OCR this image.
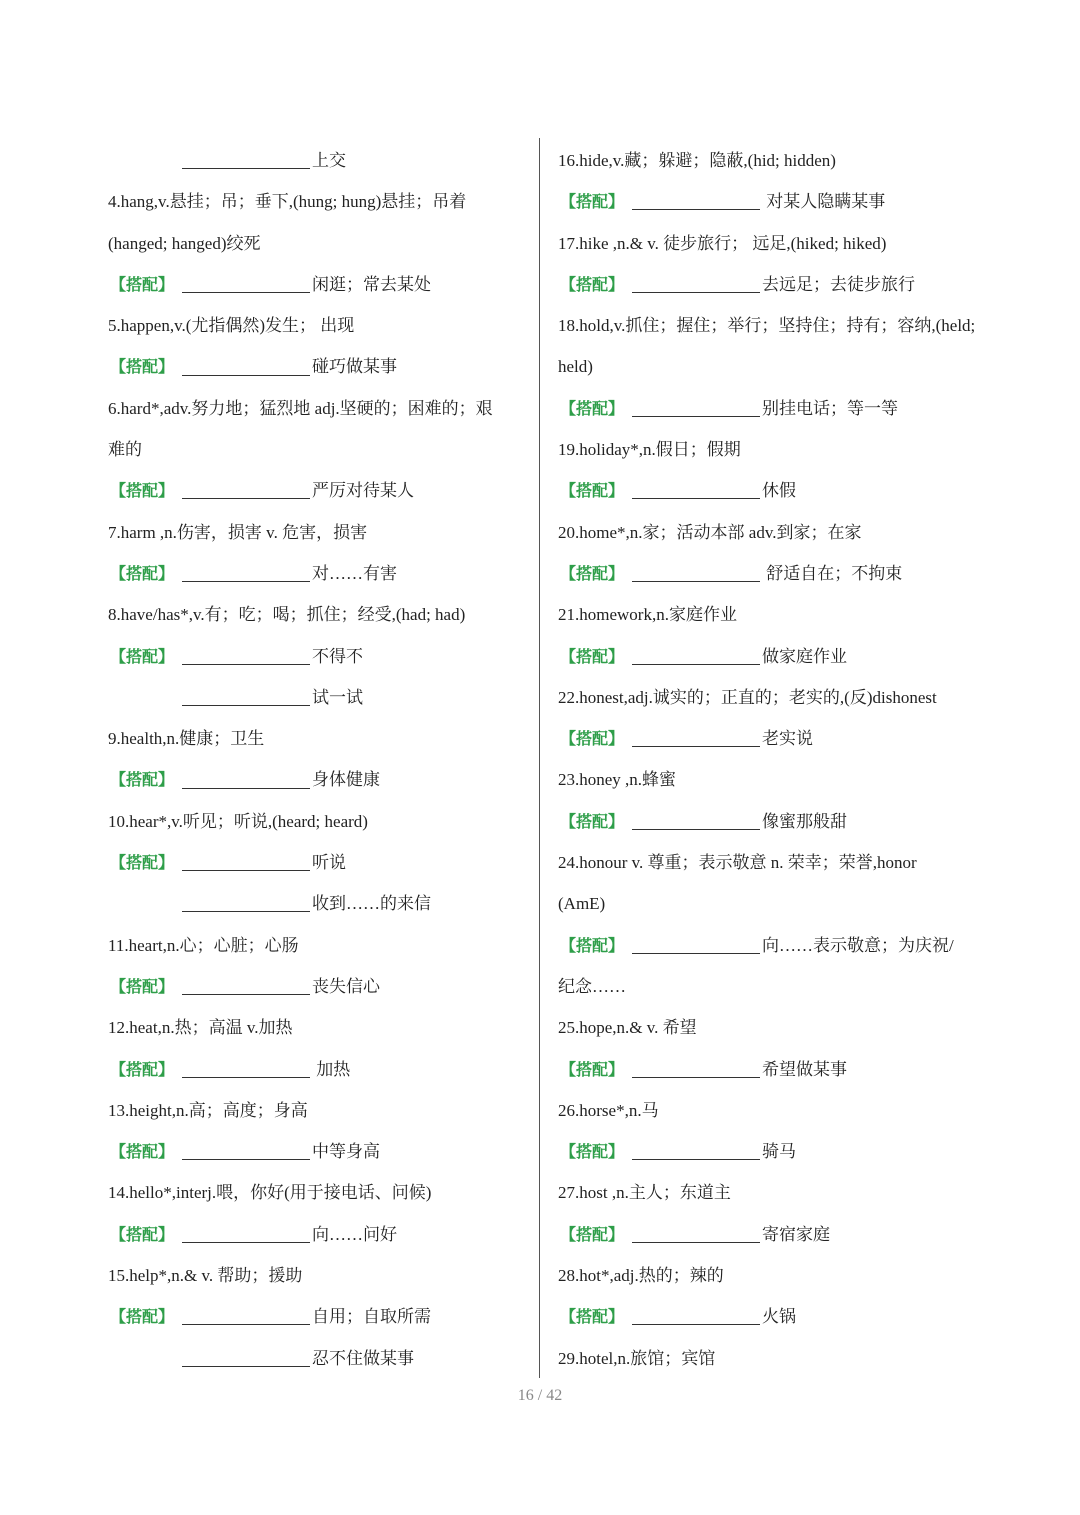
上交
4.hang,v.悬挂；吊；垂下,(hung; hung)悬挂；吊着
(hanged; hanged)绞死
【搭配】	闲逛；常去某处
5.happen,v.(尤指偶然)发生； 出现
【搭配】	碰巧做某事
6.hard*,adv.努力地；猛烈地 adj.坚硬的；困难的；艰
难的
【搭配】	严厉对待某人
7.harm ,n.伤害，损害 v. 危害，损害
【搭配】	对……有害
8.have/has*,v.有；吃；喝；抓住；经受,(had; had)
【搭配】	不得不
试一试
9.health,n.健康；卫生
【搭配】	身体健康
10.hear*,v.听见；听说,(heard; heard)
【搭配】	听说
收到……的来信
11.heart,n.心；心脏；心肠
【搭配】	丧失信心
12.heat,n.热；高温 v.加热
【搭配】	加热
13.height,n.高；高度；身高
【搭配】	中等身高
14.hello*,interj.喂，你好(用于接电话、问候)
【搭配】	向……问好
15.help*,n.& v. 帮助；援助
【搭配】	自用；自取所需
忍不住做某事
16.hide,v.藏；躲避；隐蔽,(hid; hidden)
【搭配】	对某人隐瞒某事
17.hike ,n.& v. 徒步旅行； 远足,(hiked; hiked)
【搭配】	去远足；去徒步旅行
18.hold,v.抓住；握住；举行；坚持住；持有；容纳,(held;
held)
【搭配】	别挂电话；等一等
19.holiday*,n.假日；假期
【搭配】	休假
20.home*,n.家；活动本部 adv.到家；在家
【搭配】	舒适自在；不拘束
21.homework,n.家庭作业
【搭配】	做家庭作业
22.honest,adj.诚实的；正直的；老实的,(反)dishonest
【搭配】	老实说
23.honey ,n.蜂蜜
【搭配】	像蜜那般甜
24.honour v. 尊重；表示敬意 n. 荣幸；荣誉,honor
(AmE)
【搭配】	向……表示敬意；为庆祝/
纪念……
25.hope,n.& v. 希望
【搭配】	希望做某事
26.horse*,n.马
【搭配】	骑马
27.host ,n.主人；东道主
【搭配】	寄宿家庭
28.hot*,adj.热的；辣的
【搭配】	火锅
29.hotel,n.旅馆；宾馆
16 / 42
